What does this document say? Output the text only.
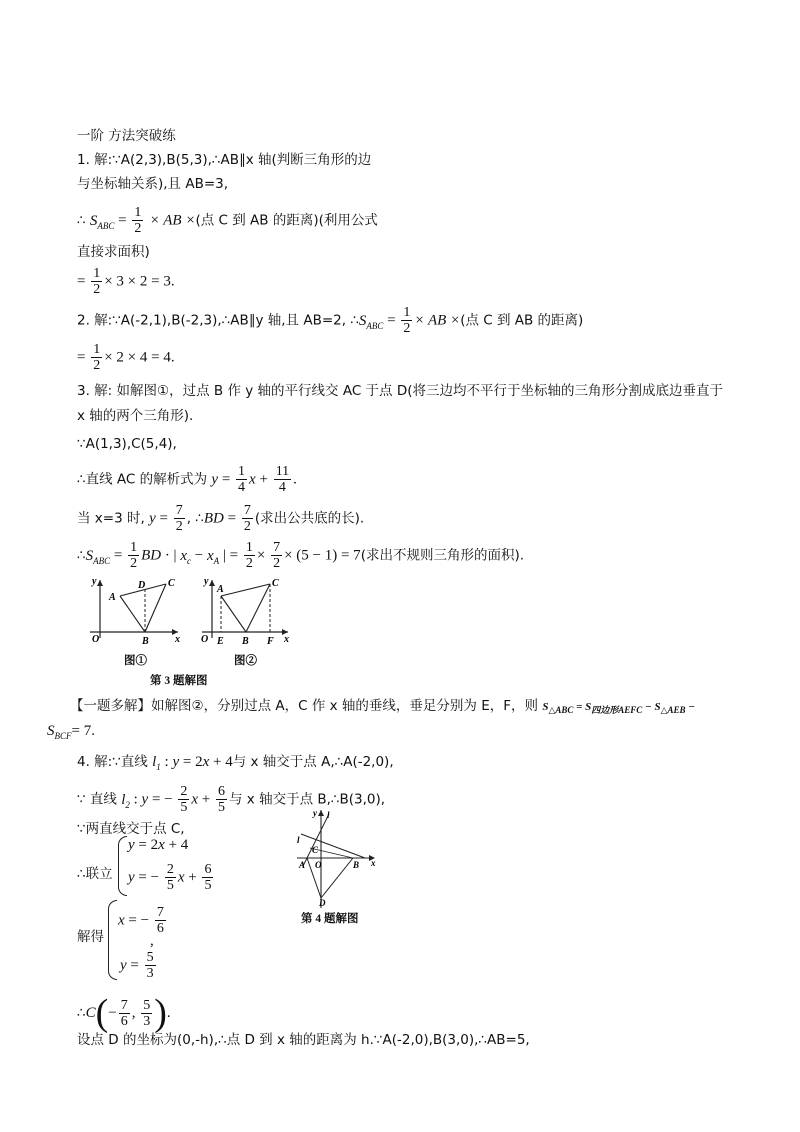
一阶 方法突破练
1. 解:∵A(2,3),B(5,3),∴AB∥x 轴(判断三角形的边
与坐标轴关系),且 AB=3,
∴ $S_{ABC} = \frac{1}{2}$ × AB ×(点 C 到 AB 的距离)(利用公式
直接求面积)
= $\frac{1}{2} \times 3 \times 2 = 3$.
2. 解:∵A(-2,1),B(-2,3),∴AB∥y 轴,且 AB=2, $\therefore S_{ABC} = \frac{1}{2}$ × AB ×(点 C 到 AB 的距离)
= $\frac{1}{2} \times 2 \times 4 = 4$.
3. 解: 如解图①，过点 B 作 y 轴的平行线交 AC 于点 D(将三边均不平行于坐标轴的三角形分割成底边垂直于
x 轴的两个三角形).
∵A(1,3),C(5,4),
∴直线 AC 的解析式为 $y = \frac{1}{4}$ $x + \frac{11}{4}$ .
当 x=3 时, $y = \frac{7}{2}$ , ∴BD = $\frac{7}{2}$ (求出公共底的长).
$\therefore S_{ABC} = \frac{1}{2}$ BD · | $x_c - x_A$ | = $\frac{1}{2} \times \frac{7}{2} \times (5 - 1) = 7$(求出不规则三角形的面积).
y
A
D C
O	B	x
y
A
C
O E B F x
图①	图②
第 3 题解图
【一题多解】如解图②，分别过点 A，C 作 x 轴的垂线，垂足分别为 E，F，则 $S_{\triangle ABC} = S_{四边形AEFC} - S_{\triangle AEB}$ −
$S_{BCF}= 7$.
4. 解:∵直线 $l_1$ : y = 2x + 4与 x 轴交于点 A,∴A(-2,0),
∵ 直线 $l_2$ : y = − $\frac{2}{5}$ $x + \frac{6}{5}$ 与 x 轴交于点 B,∴B(3,0),
∵两直线交于点 C,
∴联立
y = 2x + 4
y = − $\frac{2}{5}$ $x + \frac{6}{5}$
解得
x = − $\frac{7}{6}$
,
$y = \frac{5}{3}$
∴C(− $\frac{7}{6}$ , $\frac{5}{3}$ ).
设点 D 的坐标为(0,-h),∴点 D 到 x 轴的距离为 h.∵A(-2,0),B(3,0),∴AB=5,
y l
l
C
A O	B x
D
第 4 题解图
